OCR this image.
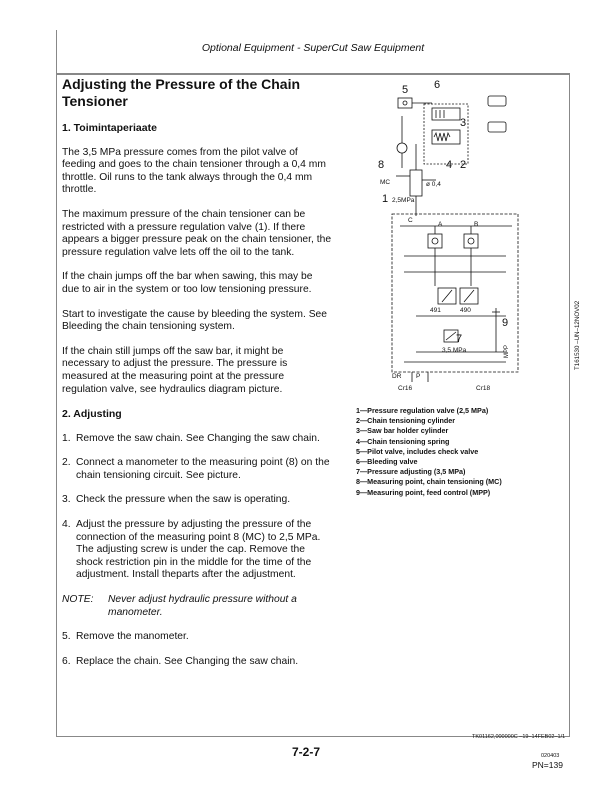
Optional Equipment - SuperCut Saw Equipment
Adjusting the Pressure of the Chain Tensioner
1. Toimintaperiaate

The 3,5 MPa pressure comes from the pilot valve of feeding and goes to the chain tensioner through a 0,4 mm throttle. Oil runs to the tank always through the 0,4 mm throttle.

The maximum pressure of the chain tensioner can be restricted with a pressure regulation valve (1). If there appears a bigger pressure peak on the chain tensioner, the pressure regulation valve lets off the oil to the tank.

If the chain jumps off the bar when sawing, this may be due to air in the system or too low tensioning pressure.

Start to investigate the cause by bleeding the system. See Bleeding the chain tensioning system.

If the chain still jumps off the saw bar, it might be necessary to adjust the pressure. The pressure is measured at the measuring point at the pressure regulation valve, see hydraulics diagram picture.

2. Adjusting
1. Remove the saw chain. See Changing the saw chain.
2. Connect a manometer to the measuring point (8) on the chain tensioning circuit. See picture.
3. Check the pressure when the saw is operating.
4. Adjust the pressure by adjusting the pressure of the connection of the measuring point 8 (MC) to 2,5 MPa. The adjusting screw is under the cap. Remove the shock restriction pin in the middle for the time of the adjustment. Install theparts after the adjustment.
NOTE: Never adjust hydraulic pressure without a manometer.
5. Remove the manometer.
6. Replace the chain. See Changing the saw chain.
5 6
3
4 2
8
1
7
9
MC
2,5MPa
ø 0,4
A	B
C
491	490
3,5 MPa
DR P
Cr16	Cr18
MPP
1—Pressure regulation valve (2,5 MPa)
2—Chain tensioning cylinder
3—Saw bar holder cylinder
4—Chain tensioning spring
5—Pilot valve, includes check valve
6—Bleeding valve
7—Pressure adjusting (3,5 MPa)
8—Measuring point, chain tensioning (MC)
9—Measuring point, feed control (MPP)
T161530 –UN–12NOV02
TK01162,000000C –19–14FEB02–1/1
7-2-7	020403
PN=139
